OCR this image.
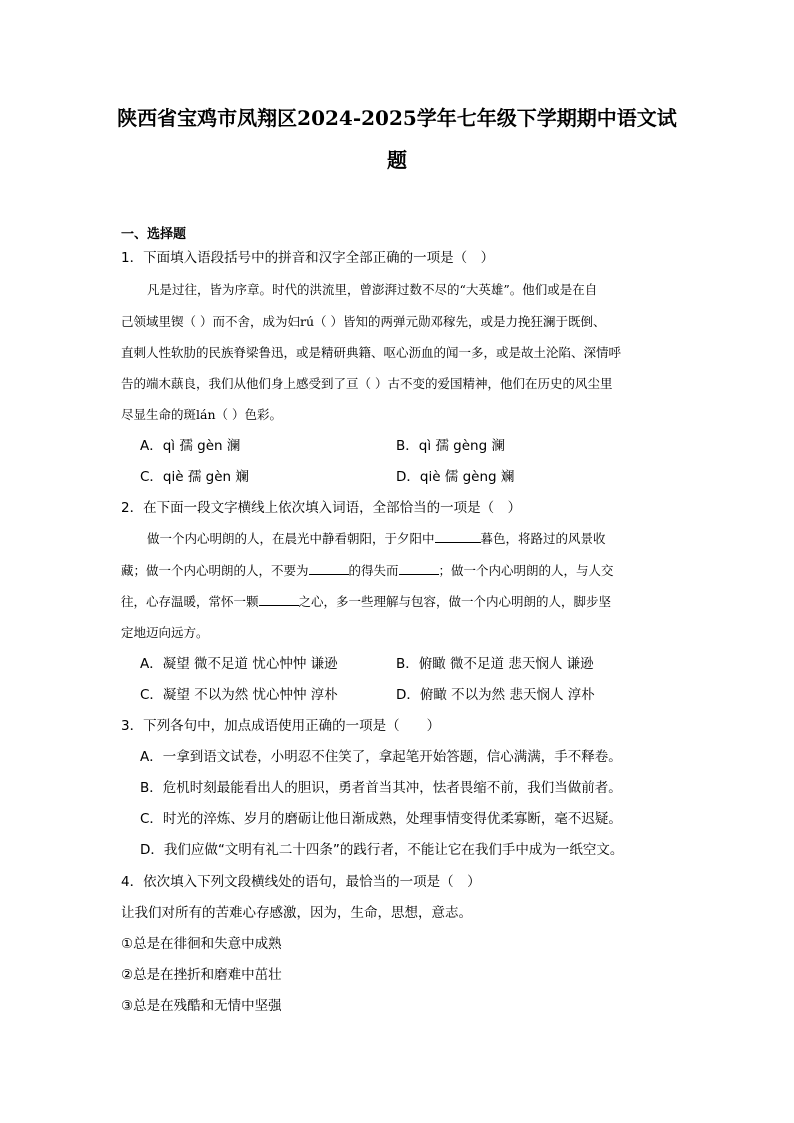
陕西省宝鸡市凤翔区2024-2025学年七年级下学期期中语文试
题
一、选择题
1．下面填入语段括号中的拼音和汉字全部正确的一项是（　）
凡是过往，皆为序章。时代的洪流里，曾澎湃过数不尽的“大英雄”。他们或是在自
己领域里锲（ ）而不舍，成为妇rú（ ）皆知的两弹元勋邓稼先，或是力挽狂澜于既倒、
直刺人性软肋的民族脊梁鲁迅，或是精研典籍、呕心沥血的闻一多，或是故土沦陷、深情呼
告的端木蕻良，我们从他们身上感受到了亘（ ）古不变的爱国精神，他们在历史的风尘里
尽显生命的斑lán（ ）色彩。
A．qì 孺 gèn 澜	B．qì 孺 gèng 澜
C．qiè 孺 gèn 斓	D．qiè 儒 gèng 斓
2．在下面一段文字横线上依次填入词语，全部恰当的一项是（　）
做一个内心明朗的人，在晨光中静看朝阳，于夕阳中	暮色，将路过的风景收
藏；做一个内心明朗的人，不要为	的得失而	；做一个内心明朗的人，与人交
往，心存温暖，常怀一颗	之心，多一些理解与包容，做一个内心明朗的人，脚步坚
定地迈向远方。
A．凝望 微不足道 忧心忡忡 谦逊	B．俯瞰 微不足道 悲天悯人 谦逊
C．凝望 不以为然 忧心忡忡 淳朴	D．俯瞰 不以为然 悲天悯人 淳朴
3．下列各句中，加点成语使用正确的一项是（　　）
A．一拿到语文试卷，小明忍不住笑了，拿起笔开始答题，信心满满，手不释卷。
B．危机时刻最能看出人的胆识，勇者首当其冲，怯者畏缩不前，我们当做前者。
C．时光的淬炼、岁月的磨砺让他日渐成熟，处理事情变得优柔寡断，毫不迟疑。
D．我们应做“文明有礼二十四条”的践行者，不能让它在我们手中成为一纸空文。
4．依次填入下列文段横线处的语句，最恰当的一项是（　）
让我们对所有的苦难心存感激，因为，生命，思想，意志。
①总是在徘徊和失意中成熟
②总是在挫折和磨难中茁壮
③总是在残酷和无情中坚强
